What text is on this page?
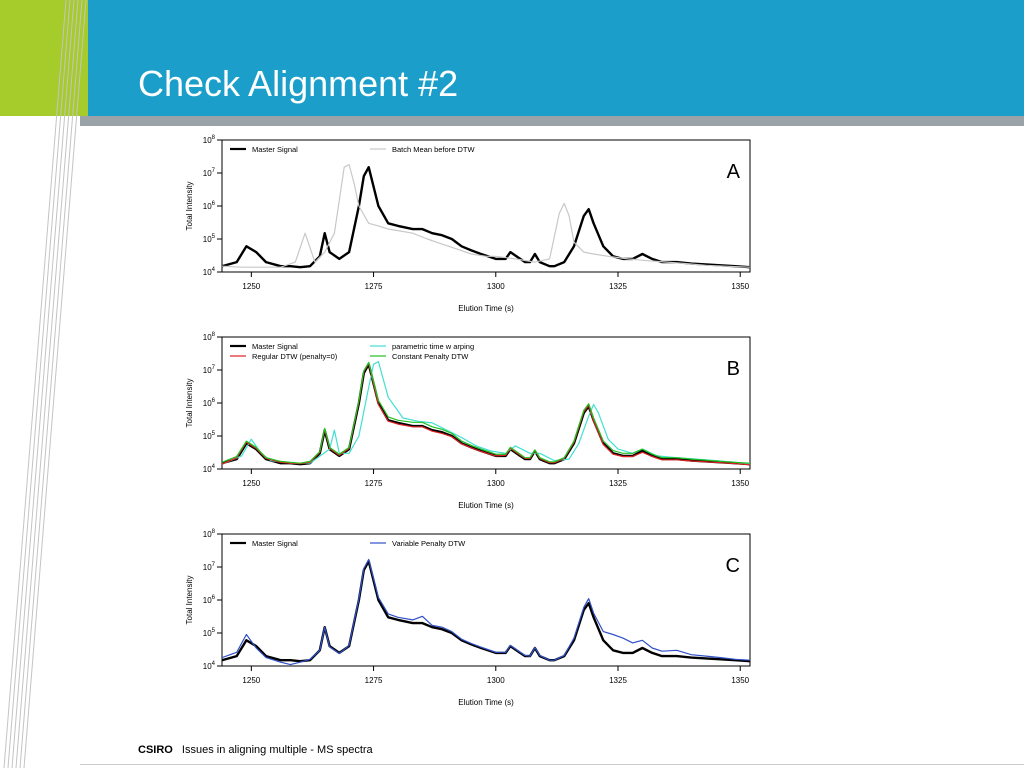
Check Alignment #2
$10^4$
$10^5$
$10^6$
$10^7$
$10^8$
1250	1275	1300	1325	1350
Elution Time (s)
Total Intensity
Master Signal	Batch Mean before DTW
A
$10^4$
$10^5$
$10^6$
$10^7$
$10^8$
1250	1275	1300	1325	1350
Elution Time (s)
Total Intensity
Master Signal	parametric time w arping
Regular DTW (penalty=0)	Constant Penalty DTW
B
$10^4$
$10^5$
$10^6$
$10^7$
$10^8$
1250	1275	1300	1325	1350
Elution Time (s)
Total Intensity
Master Signal	Variable Penalty DTW
C
CSIRO Issues in aligning multiple - MS spectra
